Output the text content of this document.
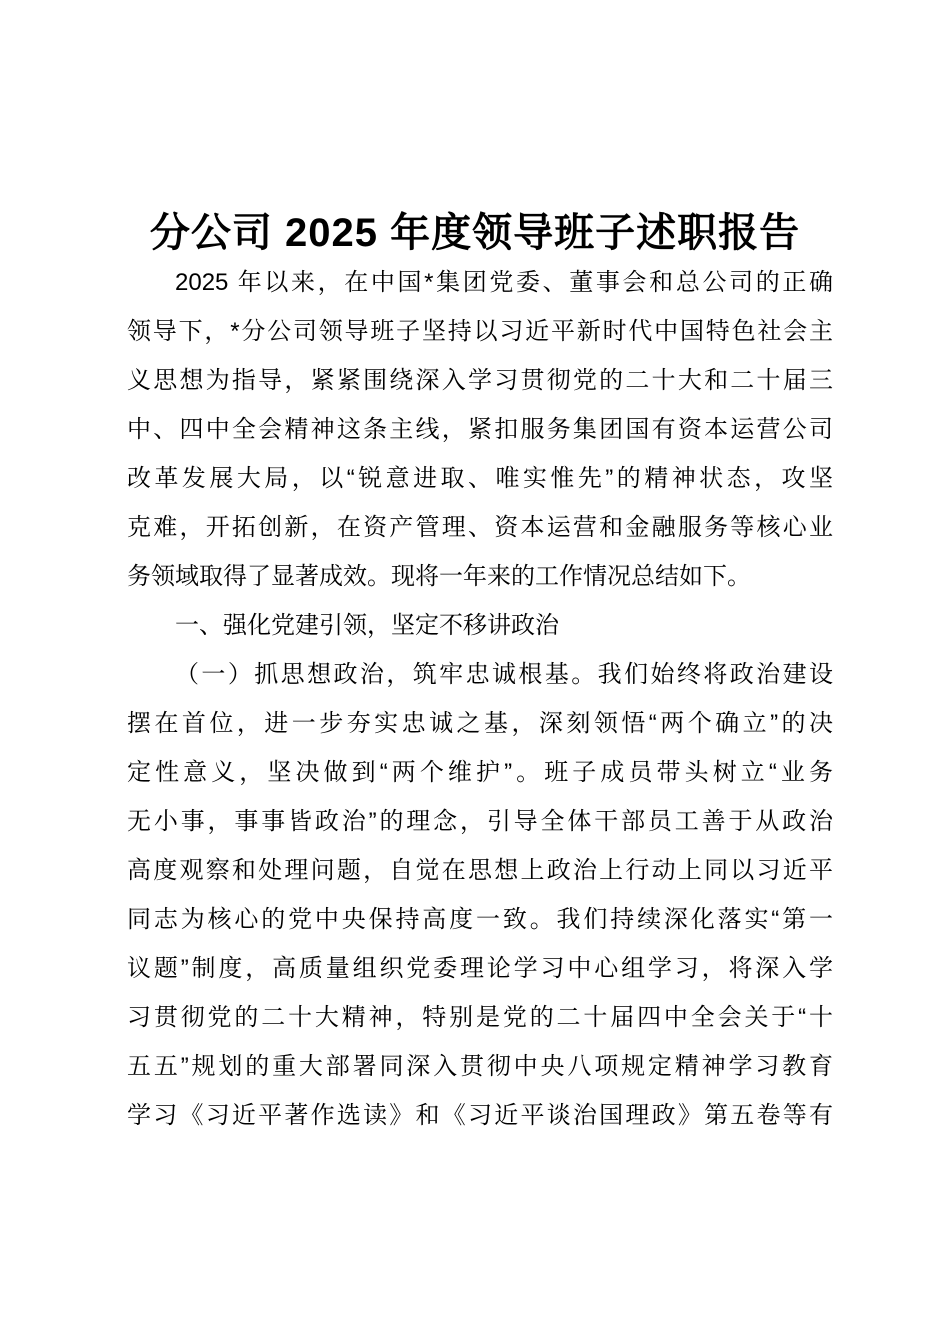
分公司 2025 年度领导班子述职报告
2025 年以来，在中国*集团党委、董事会和总公司的正确
领导下，*分公司领导班子坚持以习近平新时代中国特色社会主
义思想为指导，紧紧围绕深入学习贯彻党的二十大和二十届三
中、四中全会精神这条主线，紧扣服务集团国有资本运营公司
改革发展大局，以“锐意进取、唯实惟先”的精神状态，攻坚
克难，开拓创新，在资产管理、资本运营和金融服务等核心业
务领域取得了显著成效。现将一年来的工作情况总结如下。
一、强化党建引领，坚定不移讲政治
（一）抓思想政治，筑牢忠诚根基。我们始终将政治建设
摆在首位，进一步夯实忠诚之基，深刻领悟“两个确立”的决
定性意义，坚决做到“两个维护”。班子成员带头树立“业务
无小事，事事皆政治”的理念，引导全体干部员工善于从政治
高度观察和处理问题，自觉在思想上政治上行动上同以习近平
同志为核心的党中央保持高度一致。我们持续深化落实“第一
议题”制度，高质量组织党委理论学习中心组学习，将深入学
习贯彻党的二十大精神，特别是党的二十届四中全会关于“十
五五”规划的重大部署同深入贯彻中央八项规定精神学习教育
学习《习近平著作选读》和《习近平谈治国理政》第五卷等有
